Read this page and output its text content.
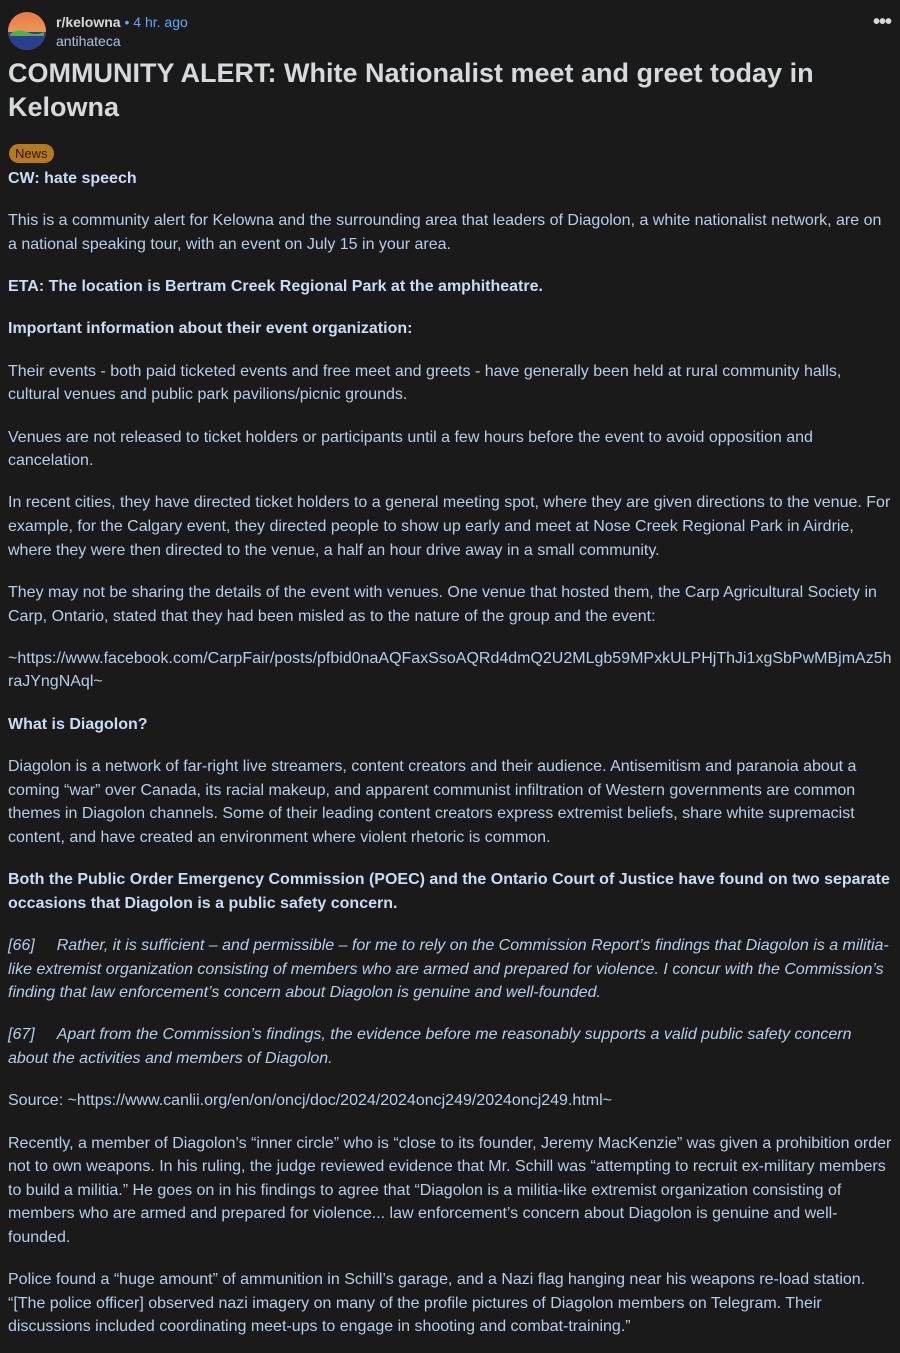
r/kelowna • 4 hr. ago
antihateca
•••
COMMUNITY ALERT: White Nationalist meet and greet today in Kelowna
News

CW: hate speech

This is a community alert for Kelowna and the surrounding area that leaders of Diagolon, a white nationalist network, are on a national speaking tour, with an event on July 15 in your area.

ETA: The location is Bertram Creek Regional Park at the amphitheatre.

Important information about their event organization:

Their events - both paid ticketed events and free meet and greets - have generally been held at rural community halls, cultural venues and public park pavilions/picnic grounds.

Venues are not released to ticket holders or participants until a few hours before the event to avoid opposition and cancelation.

In recent cities, they have directed ticket holders to a general meeting spot, where they are given directions to the venue. For example, for the Calgary event, they directed people to show up early and meet at Nose Creek Regional Park in Airdrie, where they were then directed to the venue, a half an hour drive away in a small community.

They may not be sharing the details of the event with venues. One venue that hosted them, the Carp Agricultural Society in Carp, Ontario, stated that they had been misled as to the nature of the group and the event:

~https://www.facebook.com/CarpFair/posts/pfbid0naAQFaxSsoAQRd4dmQ2U2MLgb59MPxkULPHjThJi1xgSbPwMBjmAz5hraJYngNAql~

What is Diagolon?

Diagolon is a network of far-right live streamers, content creators and their audience. Antisemitism and paranoia about a coming “war” over Canada, its racial makeup, and apparent communist infiltration of Western governments are common themes in Diagolon channels. Some of their leading content creators express extremist beliefs, share white supremacist content, and have created an environment where violent rhetoric is common.

Both the Public Order Emergency Commission (POEC) and the Ontario Court of Justice have found on two separate occasions that Diagolon is a public safety concern.

[66] Rather, it is sufficient – and permissible – for me to rely on the Commission Report’s findings that Diagolon is a militia-like extremist organization consisting of members who are armed and prepared for violence. I concur with the Commission’s finding that law enforcement’s concern about Diagolon is genuine and well-founded.

[67] Apart from the Commission’s findings, the evidence before me reasonably supports a valid public safety concern about the activities and members of Diagolon.

Source: ~https://www.canlii.org/en/on/oncj/doc/2024/2024oncj249/2024oncj249.html~

Recently, a member of Diagolon’s “inner circle” who is “close to its founder, Jeremy MacKenzie” was given a prohibition order not to own weapons. In his ruling, the judge reviewed evidence that Mr. Schill was “attempting to recruit ex-military members to build a militia.” He goes on in his findings to agree that “Diagolon is a militia-like extremist organization consisting of members who are armed and prepared for violence... law enforcement’s concern about Diagolon is genuine and well-founded.

Police found a “huge amount” of ammunition in Schill’s garage, and a Nazi flag hanging near his weapons re-load station. “[The police officer] observed nazi imagery on many of the profile pictures of Diagolon members on Telegram. Their discussions included coordinating meet-ups to engage in shooting and combat-training.”
